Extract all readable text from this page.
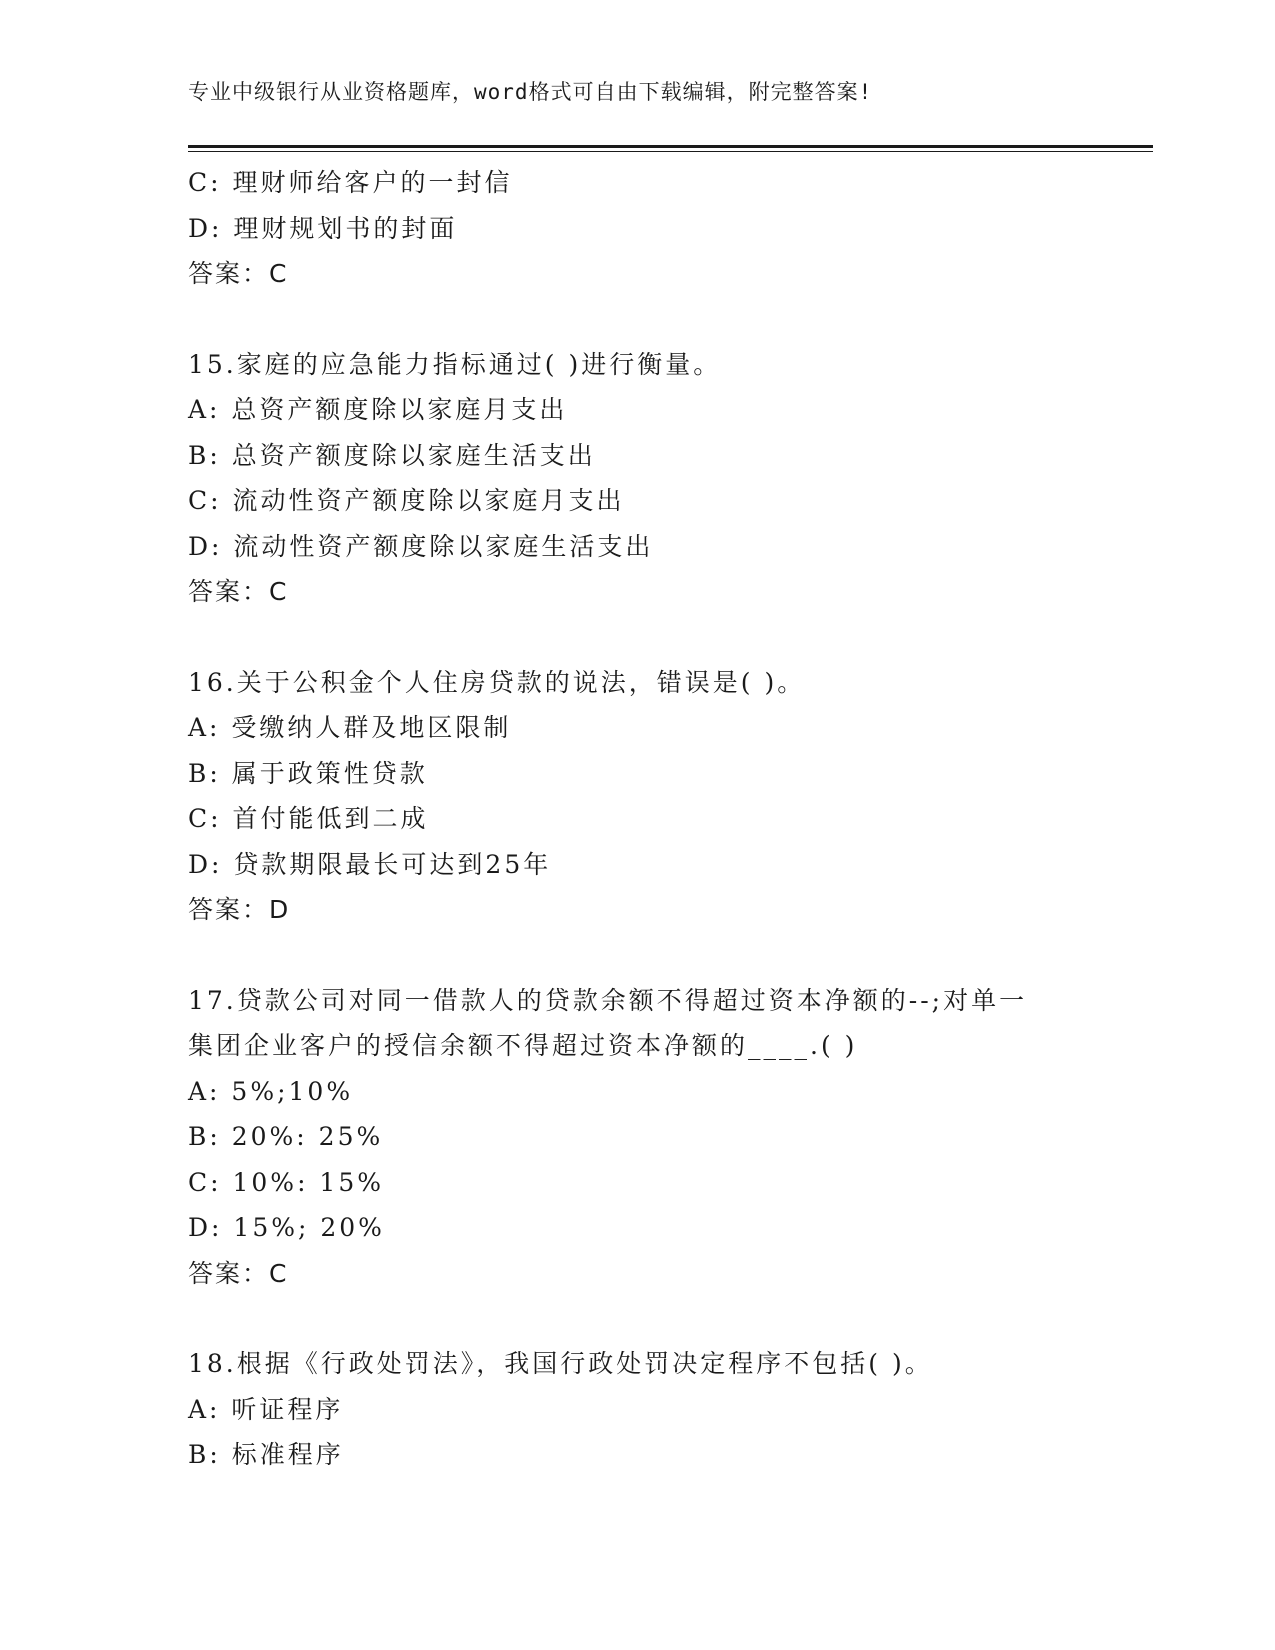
专业中级银行从业资格题库，word格式可自由下载编辑，附完整答案!
C: 理财师给客户的一封信
D: 理财规划书的封面
答案：C
15.家庭的应急能力指标通过( )进行衡量。
A: 总资产额度除以家庭月支出
B: 总资产额度除以家庭生活支出
C: 流动性资产额度除以家庭月支出
D: 流动性资产额度除以家庭生活支出
答案：C
16.关于公积金个人住房贷款的说法，错误是( )。
A: 受缴纳人群及地区限制
B: 属于政策性贷款
C: 首付能低到二成
D: 贷款期限最长可达到25年
答案：D
17.贷款公司对同一借款人的贷款余额不得超过资本净额的--;对单一
集团企业客户的授信余额不得超过资本净额的____.( )
A: 5%;10%
B: 20%: 25%
C: 10%: 15%
D: 15%; 20%
答案：C
18.根据《行政处罚法》，我国行政处罚决定程序不包括( )。
A: 听证程序
B: 标准程序
